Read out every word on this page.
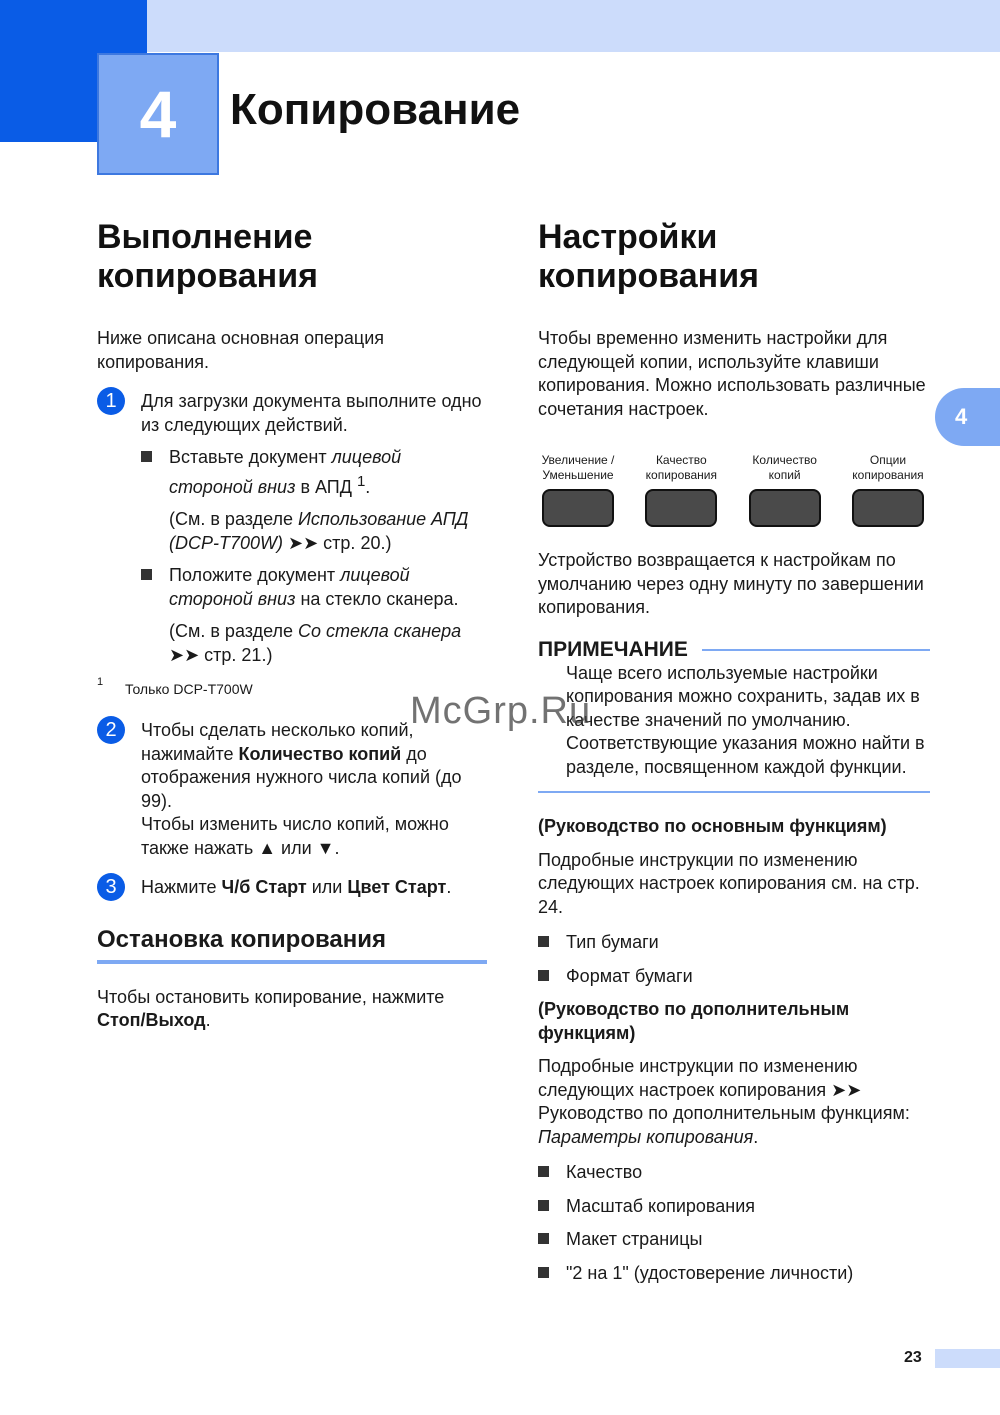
4 Копирование
4
Выполнение копирования

Ниже описана основная операция копирования.

1	Для загрузки документа выполните одно из следующих действий.

Вставьте документ лицевой стороной вниз в АПД $^1$.

(См. в разделе Использование АПД (DCP-T700W) ➤➤ стр. 20.)

Положите документ лицевой стороной вниз на стекло сканера.

(См. в разделе Со стекла сканера ➤➤ стр. 21.)

1 Только DCP-T700W
2	Чтобы сделать несколько копий, нажимайте Количество копий до отображения нужного числа копий (до 99).

Чтобы изменить число копий, можно также нажать ▲ или ▼.

3	Нажмите Ч/б Старт или Цвет Старт.

Остановка копирования

Чтобы остановить копирование, нажмите Стоп/Выход.

Настройки копирования

Чтобы временно изменить настройки для следующей копии, используйте клавиши копирования. Можно использовать различные сочетания настроек.

Увеличение /
Уменьшение
Качество
копирования
Количество
копий
Опции
копирования

Устройство возвращается к настройкам по умолчанию через одну минуту по завершении копирования.

ПРИМЕЧАНИЕ

Чаще всего используемые настройки копирования можно сохранить, задав их в качестве значений по умолчанию. Соответствующие указания можно найти в разделе, посвященном каждой функции.

(Руководство по основным функциям)

Подробные инструкции по изменению следующих настроек копирования см. на стр. 24.

Тип бумаги
Формат бумаги
(Руководство по дополнительным функциям)

Подробные инструкции по изменению следующих настроек копирования ➤➤ Руководство по дополнительным функциям: Параметры копирования.

Качество
Масштаб копирования
Макет страницы
"2 на 1" (удостоверение личности)
McGrp.Ru
23
